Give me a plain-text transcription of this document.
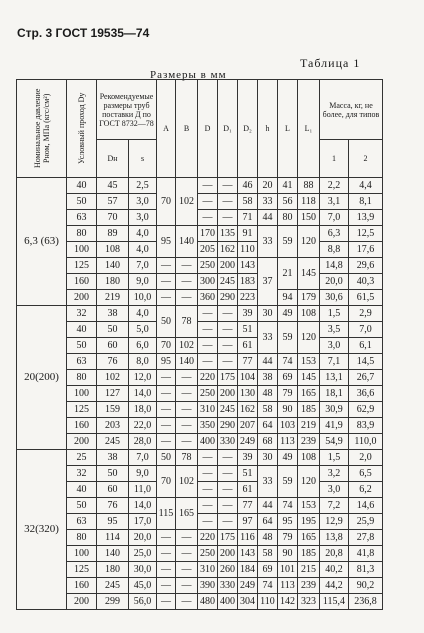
Стр. 3 ГОСТ 19535—74
Таблица 1
Размеры в мм
Номинальное давление Pном, МПа (кгс/см²)	Условный проход Dу	Рекомендуемые размеры труб поставки Д по ГОСТ 8732—78		A	B	D	D₁	D₂	h	L	L₁	Масса, кг, не более, для типов	
		Dн	s									1	2
6,3 (63)	40	45	2,5	70	102	—	—	46	20	41	88	2,2	4,4
	50	57	3,0			—	—	58	33	56	118	3,1	8,1
	63	70	3,0			—	—	71	44	80	150	7,0	13,9
	80	89	4,0	95	140	170	135	91	33	59	120	6,3	12,5
	100	108	4,0			205	162	110				8,8	17,6
	125	140	7,0	—	—	250	200	143	37	21	145	14,8	29,6
	160	180	9,0	—	—	300	245	183				20,0	40,3
	200	219	10,0	—	—	360	290	223		94	179	30,6	61,5
20(200)	32	38	4,0	50	78	—	—	39	30	49	108	1,5	2,9
	40	50	5,0			—	—	51	33	59	120	3,5	7,0
	50	60	6,0	70	102	—	—	61				3,0	6,1
	63	76	8,0	95	140	—	—	77	44	74	153	7,1	14,5
	80	102	12,0	—	—	220	175	104	38	69	145	13,1	26,7
	100	127	14,0	—	—	250	200	130	48	79	165	18,1	36,6
	125	159	18,0	—	—	310	245	162	58	90	185	30,9	62,9
	160	203	22,0	—	—	350	290	207	64	103	219	41,9	83,9
	200	245	28,0	—	—	400	330	249	68	113	239	54,9	110,0
32(320)	25	38	7,0	50	78	—	—	39	30	49	108	1,5	2,0
	32	50	9,0	70	102	—	—	51	33	59	120	3,2	6,5
	40	60	11,0			—	—	61				3,0	6,2
	50	76	14,0	115	165	—	—	77	44	74	153	7,2	14,6
	63	95	17,0			—	—	97	64	95	195	12,9	25,9
	80	114	20,0	—	—	220	175	116	48	79	165	13,8	27,8
	100	140	25,0	—	—	250	200	143	58	90	185	20,8	41,8
	125	180	30,0	—	—	310	260	184	69	101	215	40,2	81,3
	160	245	45,0	—	—	390	330	249	74	113	239	44,2	90,2
	200	299	56,0	—	—	480	400	304	110	142	323	115,4	236,8
